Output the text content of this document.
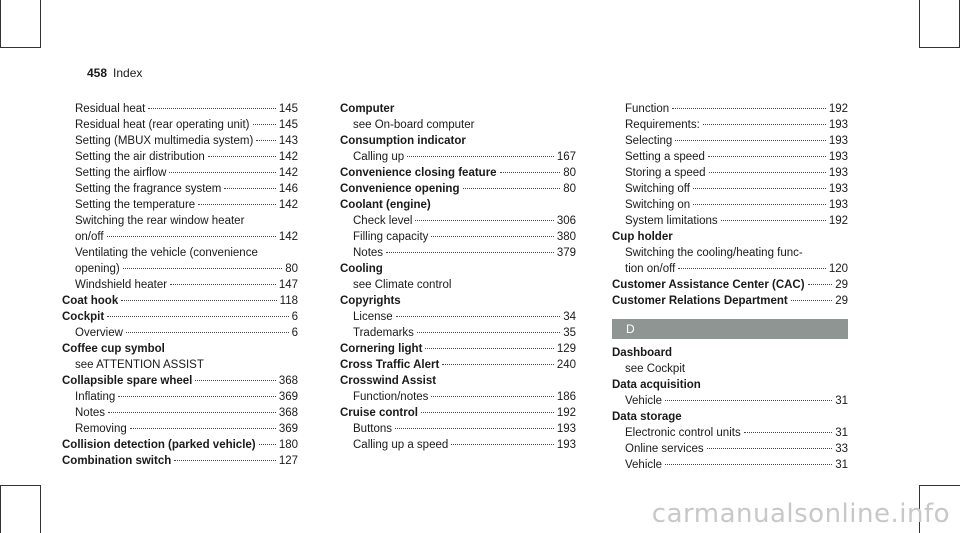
458 Index
Residual heat	145
Residual heat (rear operating unit)	145
Setting (MBUX multimedia system) 143
Setting the air distribution	142
Setting the airflow	142
Setting the fragrance system	146
Setting the temperature	142
Switching the rear window heater
on/off	142
Ventilating the vehicle (convenience
opening)	80
Windshield heater	147
Coat hook	118
Cockpit	6
Overview	6
Coffee cup symbol
see ATTENTION ASSIST
Collapsible spare wheel	368
Inflating	369
Notes	368
Removing	369
Collision detection (parked vehicle) 180
Combination switch	127
Computer
see On-board computer
Consumption indicator
Calling up	167
Convenience closing feature	80
Convenience opening	80
Coolant (engine)
Check level	306
Filling capacity	380
Notes	379
Cooling
see Climate control
Copyrights
License	34
Trademarks	35
Cornering light	129
Cross Traffic Alert	240
Crosswind Assist
Function/notes	186
Cruise control	192
Buttons	193
Calling up a speed	193
Function	192
Requirements:	193
Selecting	193
Setting a speed	193
Storing a speed	193
Switching off	193
Switching on	193
System limitations	192
Cup holder
Switching the cooling/heating func-
tion on/off	120
Customer Assistance Center (CAC)	29
Customer Relations Department	29
D
Dashboard
see Cockpit
Data acquisition
Vehicle	31
Data storage
Electronic control units	31
Online services	33
Vehicle	31
carmanualsonline.info
